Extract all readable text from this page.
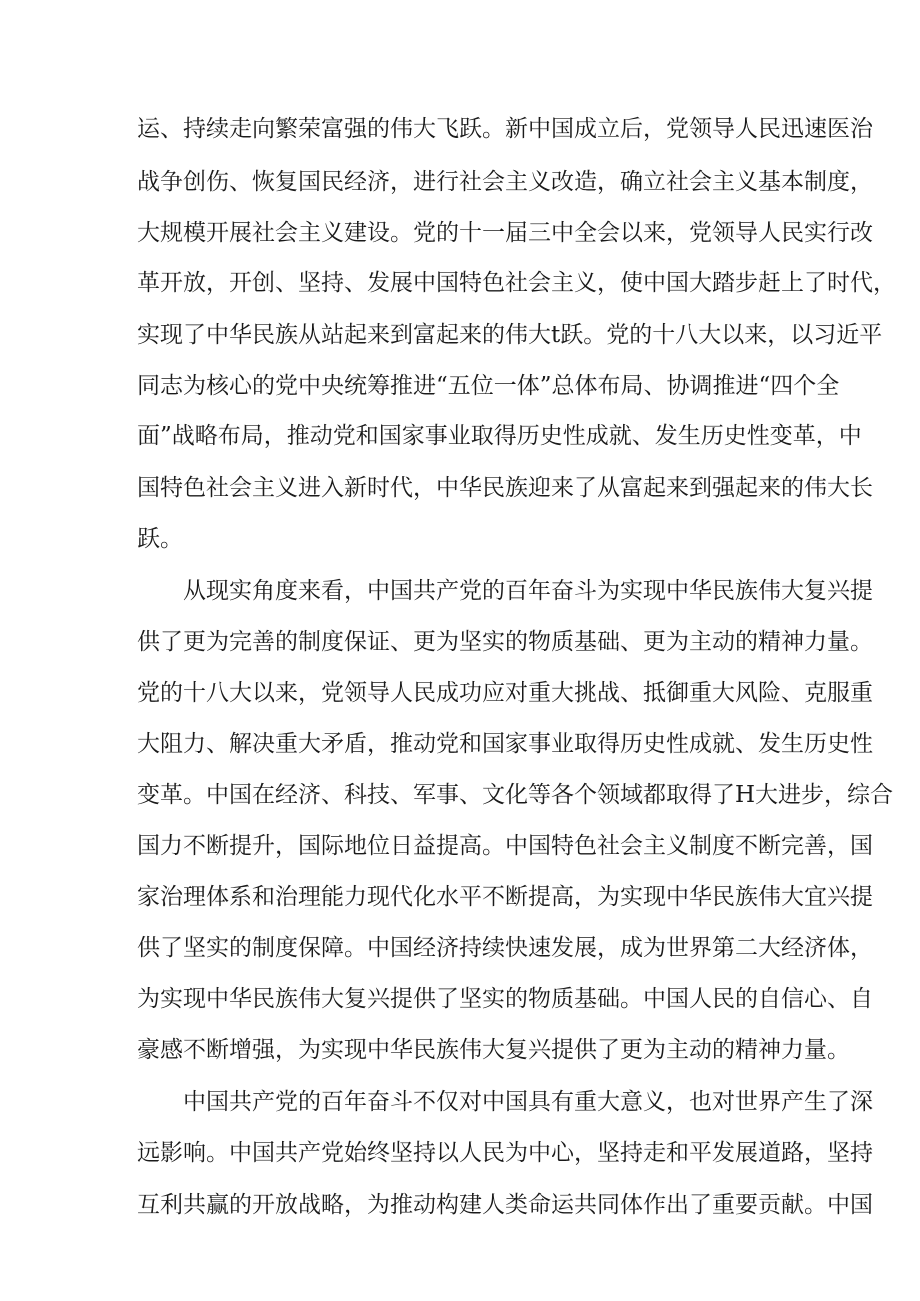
运、持续走向繁荣富强的伟大飞跃。新中国成立后，党领导人民迅速医治
战争创伤、恢复国民经济，进行社会主义改造，确立社会主义基本制度，
大规模开展社会主义建设。党的十一届三中全会以来，党领导人民实行改
革开放，开创、坚持、发展中国特色社会主义，使中国大踏步赶上了时代，
实现了中华民族从站起来到富起来的伟大t跃。党的十八大以来，以习近平
同志为核心的党中央统筹推进“五位一体”总体布局、协调推进“四个全
面”战略布局，推动党和国家事业取得历史性成就、发生历史性变革，中
国特色社会主义进入新时代，中华民族迎来了从富起来到强起来的伟大长
跃。
从现实角度来看，中国共产党的百年奋斗为实现中华民族伟大复兴提
供了更为完善的制度保证、更为坚实的物质基础、更为主动的精神力量。
党的十八大以来，党领导人民成功应对重大挑战、抵御重大风险、克服重
大阻力、解决重大矛盾，推动党和国家事业取得历史性成就、发生历史性
变革。中国在经济、科技、军事、文化等各个领域都取得了H大进步，综合
国力不断提升，国际地位日益提高。中国特色社会主义制度不断完善，国
家治理体系和治理能力现代化水平不断提高，为实现中华民族伟大宜兴提
供了坚实的制度保障。中国经济持续快速发展，成为世界第二大经济体，
为实现中华民族伟大复兴提供了坚实的物质基础。中国人民的自信心、自
豪感不断增强，为实现中华民族伟大复兴提供了更为主动的精神力量。
中国共产党的百年奋斗不仅对中国具有重大意义，也对世界产生了深
远影响。中国共产党始终坚持以人民为中心，坚持走和平发展道路，坚持
互利共赢的开放战略，为推动构建人类命运共同体作出了重要贡献。中国
